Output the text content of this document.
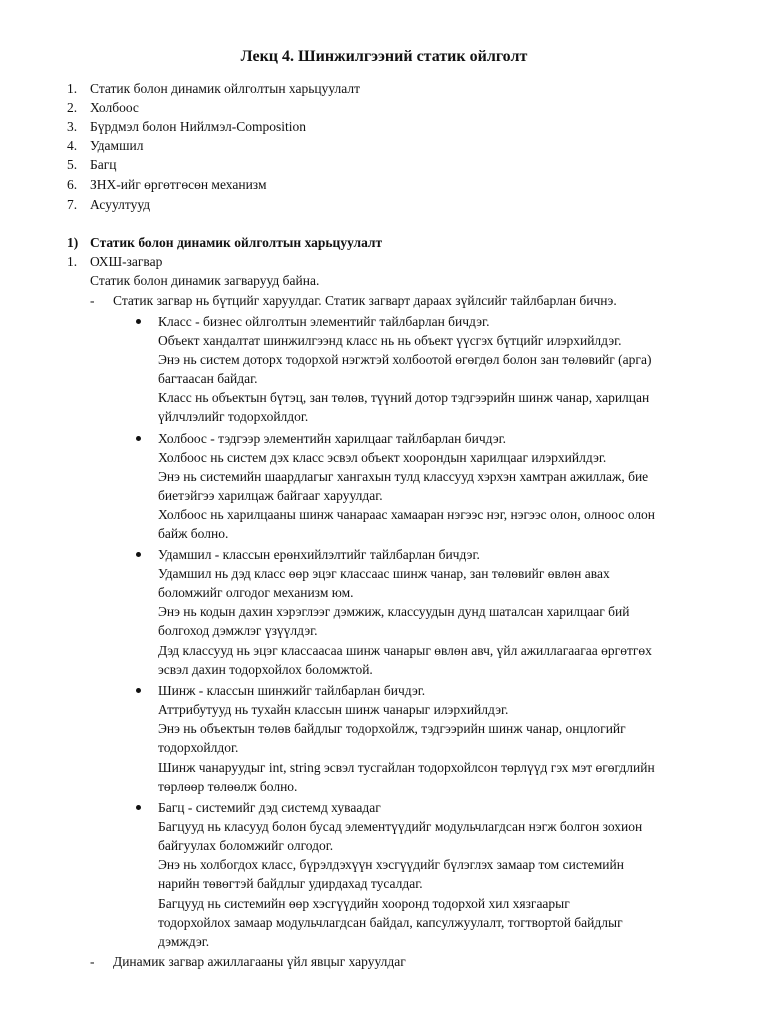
Лекц 4. Шинжилгээний статик ойлголт
1. Статик болон динамик ойлголтын харьцуулалт
2. Холбоос
3. Бүрдмэл болон Нийлмэл-Composition
4. Удамшил
5. Багц
6. ЗНХ-ийг өргөтгөсөн механизм
7. Асуултууд
1) Статик болон динамик ойлголтын харьцуулалт
1. ОХШ-загвар
Статик болон динамик загварууд байна.
- Статик загвар нь бүтцийг харуулдаг. Статик загварт дараах зүйлсийг тайлбарлан бичнэ.
Класс - бизнес ойлголтын элементийг тайлбарлан бичдэг.
Объект хандалтат шинжилгээнд класс нь нь объект үүсгэх бүтцийг илэрхийлдэг.
Энэ нь систем доторх тодорхой нэгжтэй холбоотой өгөгдөл болон зан төлөвийг (арга)
багтаасан байдаг.
Класс нь объектын бүтэц, зан төлөв, түүний дотор тэдгээрийн шинж чанар, харилцан
үйлчлэлийг тодорхойлдог.
Холбоос - тэдгээр элементийн харилцааг тайлбарлан бичдэг.
Холбоос нь систем дэх класс эсвэл объект хоорондын харилцааг илэрхийлдэг.
Энэ нь системийн шаардлагыг хангахын тулд классууд хэрхэн хамтран ажиллаж, бие
биетэйгээ харилцаж байгааг харуулдаг.
Холбоос нь харилцааны шинж чанараас хамааран нэгээс нэг, нэгээс олон, олноос олон
байж болно.
Удамшил - классын ерөнхийлэлтийг тайлбарлан бичдэг.
Удамшил нь дэд класс өөр эцэг классаас шинж чанар, зан төлөвийг өвлөн авах
боломжийг олгодог механизм юм.
Энэ нь кодын дахин хэрэглээг дэмжиж, классуудын дунд шаталсан харилцааг бий
болгоход дэмжлэг үзүүлдэг.
Дэд классууд нь эцэг классаасаа шинж чанарыг өвлөн авч, үйл ажиллагаагаа өргөтгөх
эсвэл дахин тодорхойлох боломжтой.
Шинж - классын шинжийг тайлбарлан бичдэг.
Аттрибутууд нь тухайн классын шинж чанарыг илэрхийлдэг.
Энэ нь объектын төлөв байдлыг тодорхойлж, тэдгээрийн шинж чанар, онцлогийг
тодорхойлдог.
Шинж чанаруудыг int, string эсвэл тусгайлан тодорхойлсон төрлүүд гэх мэт өгөгдлийн
төрлөөр төлөөлж болно.
Багц - системийг дэд системд хуваадаг
Багцууд нь класууд болон бусад элементүүдийг модульчлагдсан нэгж болгон зохион
байгуулах боломжийг олгодог.
Энэ нь холбогдох класс, бүрэлдэхүүн хэсгүүдийг бүлэглэх замаар том системийн
нарийн төвөгтэй байдлыг удирдахад тусалдаг.
Багцууд нь системийн өөр хэсгүүдийн хооронд тодорхой хил хязгаарыг
тодорхойлох замаар модульчлагдсан байдал, капсулжуулалт, тогтвортой байдлыг
дэмждэг.
- Динамик загвар ажиллагааны үйл явцыг харуулдаг
